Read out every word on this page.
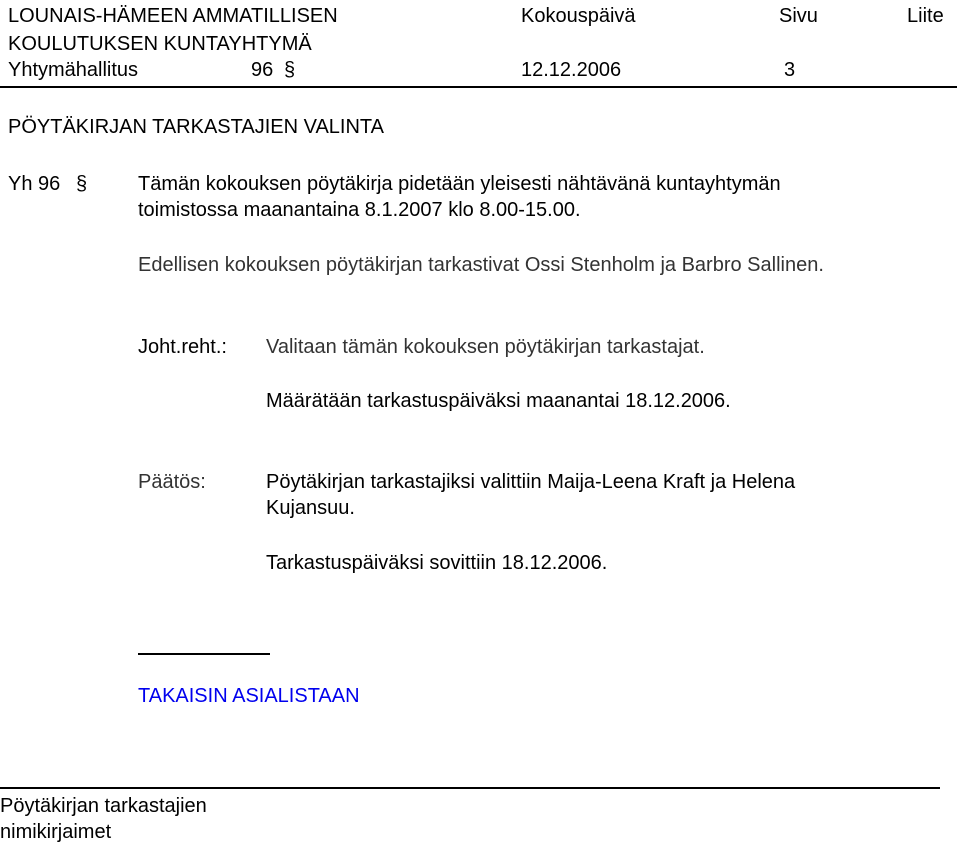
LOUNAIS-HÄMEEN AMMATILLISEN
KOULUTUKSEN KUNTAYHTYMÄ
Yhtymähallitus	96 §
Kokouspäivä
12.12.2006
Sivu
3
Liite
PÖYTÄKIRJAN TARKASTAJIEN VALINTA
Yh 96 §	Tämän kokouksen pöytäkirja pidetään yleisesti nähtävänä kuntayhtymän
toimistossa maanantaina 8.1.2007 klo 8.00-15.00.
Edellisen kokouksen pöytäkirjan tarkastivat Ossi Stenholm ja Barbro Sallinen.
Joht.reht.: Valitaan tämän kokouksen pöytäkirjan tarkastajat.
Määrätään tarkastuspäiväksi maanantai 18.12.2006.
Päätös:	Pöytäkirjan tarkastajiksi valittiin Maija-Leena Kraft ja Helena
Kujansuu.
Tarkastuspäiväksi sovittiin 18.12.2006.
TAKAISIN ASIALISTAAN
Pöytäkirjan tarkastajien
nimikirjaimet
